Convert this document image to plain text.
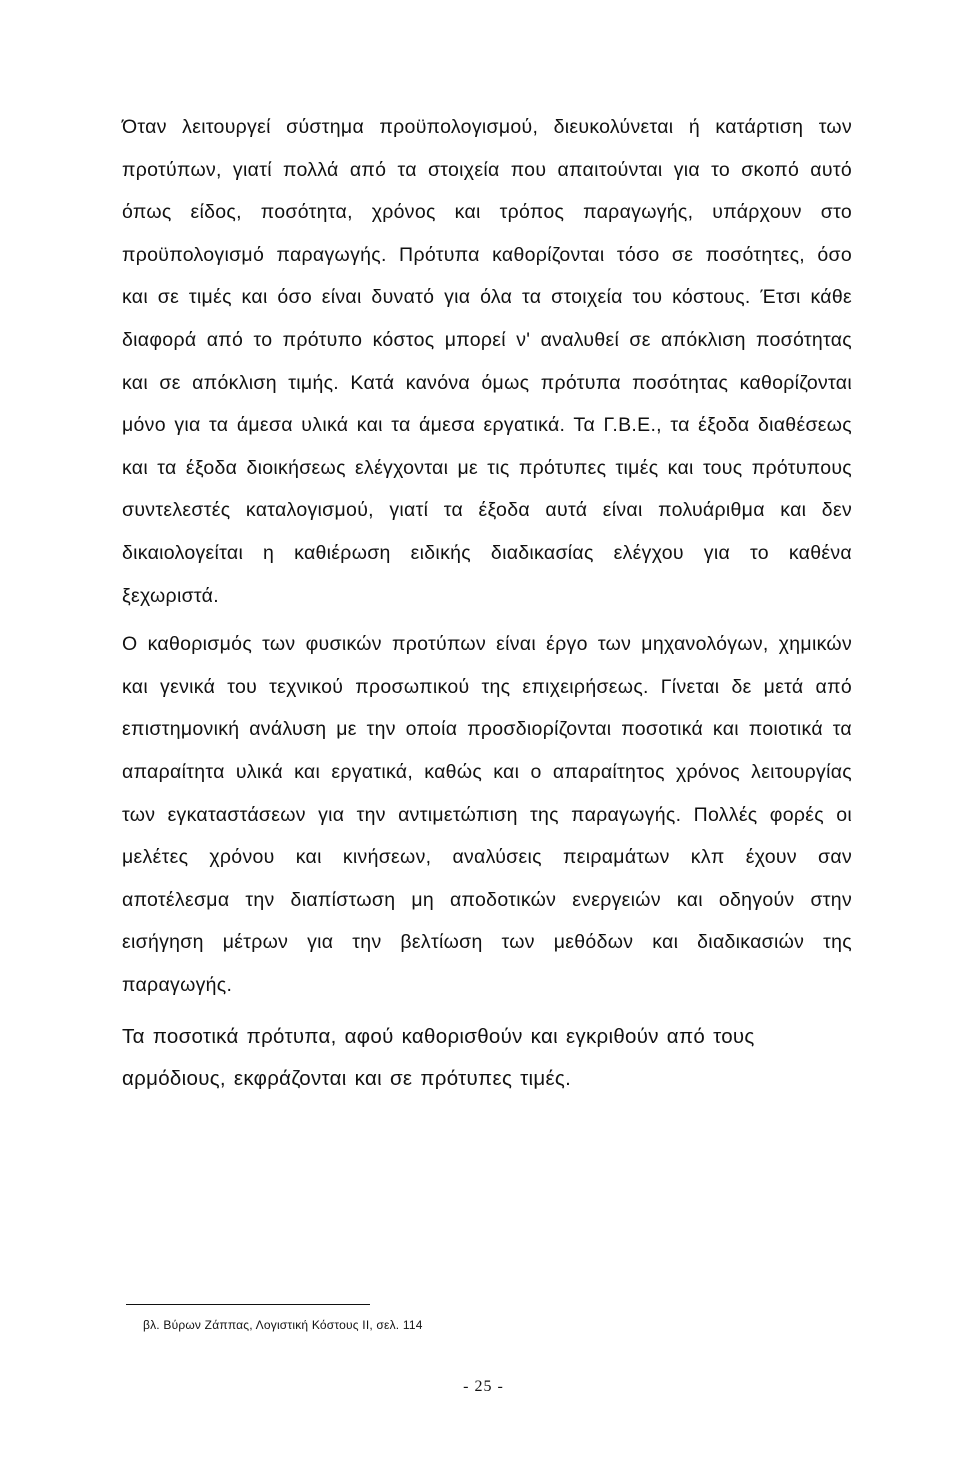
Όταν λειτουργεί σύστημα προϋπολογισμού, διευκολύνεται ή κατάρτιση των προτύπων, γιατί πολλά από τα στοιχεία που απαιτούνται για το σκοπό αυτό όπως είδος, ποσότητα, χρόνος και τρόπος παραγωγής, υπάρχουν στο προϋπολογισμό παραγωγής. Πρότυπα καθορίζονται τόσο σε ποσότητες, όσο και σε τιμές και όσο είναι δυνατό για όλα τα στοιχεία του κόστους. Έτσι κάθε διαφορά από το πρότυπο κόστος μπορεί ν' αναλυθεί σε απόκλιση ποσότητας και σε απόκλιση τιμής. Κατά κανόνα όμως πρότυπα ποσότητας καθορίζονται μόνο για τα άμεσα υλικά και τα άμεσα εργατικά. Τα Γ.Β.Ε., τα έξοδα διαθέσεως και τα έξοδα διοικήσεως ελέγχονται με τις πρότυπες τιμές και τους πρότυπους συντελεστές καταλογισμού, γιατί τα έξοδα αυτά είναι πολυάριθμα και δεν δικαιολογείται η καθιέρωση ειδικής διαδικασίας ελέγχου για το καθένα ξεχωριστά.

Ο καθορισμός των φυσικών προτύπων είναι έργο των μηχανολόγων, χημικών και γενικά του τεχνικού προσωπικού της επιχειρήσεως. Γίνεται δε μετά από επιστημονική ανάλυση με την οποία προσδιορίζονται ποσοτικά και ποιοτικά τα απαραίτητα υλικά και εργατικά, καθώς και ο απαραίτητος χρόνος λειτουργίας των εγκαταστάσεων για την αντιμετώπιση της παραγωγής. Πολλές φορές οι μελέτες χρόνου και κινήσεων, αναλύσεις πειραμάτων κλπ έχουν σαν αποτέλεσμα την διαπίστωση μη αποδοτικών ενεργειών και οδηγούν στην εισήγηση μέτρων για την βελτίωση των μεθόδων και διαδικασιών της παραγωγής.

Τα ποσοτικά πρότυπα, αφού καθορισθούν και εγκριθούν από τους αρμόδιους, εκφράζονται και σε πρότυπες τιμές.

βλ. Βύρων Ζάππας, Λογιστική Κόστους ΙΙ, σελ. 114
- 25 -
